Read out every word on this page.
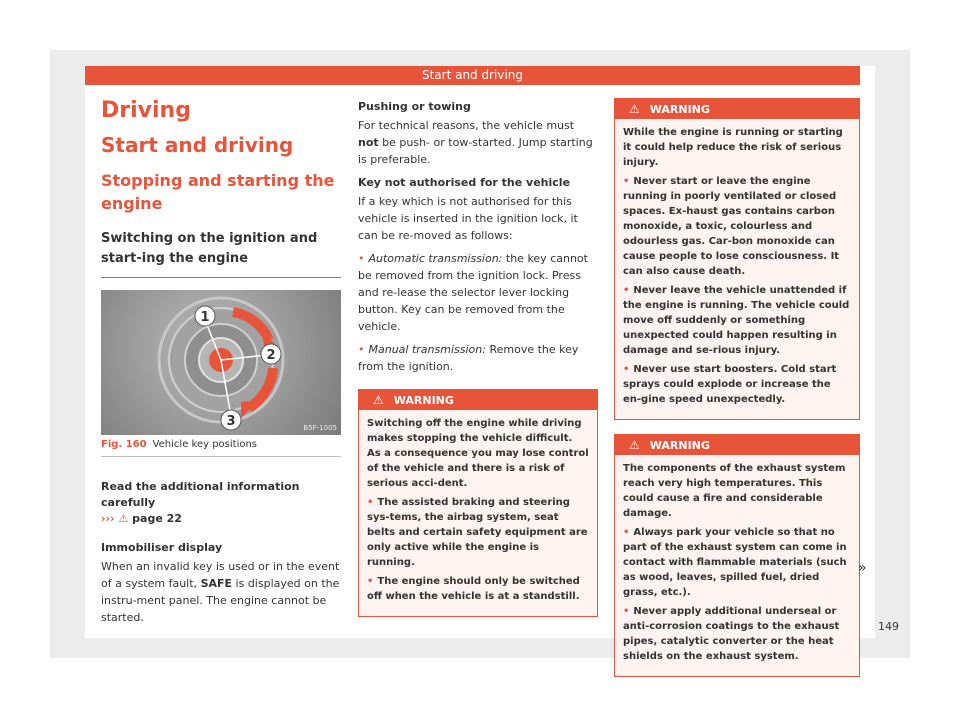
Start and driving
Driving
Start and driving
Stopping and starting the engine
Switching on the ignition and start-ing the engine
1
2
3	B5F-1005
Fig. 160 Vehicle key positions
Read the additional information carefully
››› ⚠ page 22

Immobiliser display

When an invalid key is used or in the event of a system fault, SAFE is displayed on the instru-ment panel. The engine cannot be started.

Pushing or towing

For technical reasons, the vehicle must not be push- or tow-started. Jump starting is preferable.

Key not authorised for the vehicle

If a key which is not authorised for this vehicle is inserted in the ignition lock, it can be re-moved as follows:

• Automatic transmission: the key cannot be removed from the ignition lock. Press and re-lease the selector lever locking button. Key can be removed from the vehicle.

• Manual transmission: Remove the key from the ignition.

⚠ WARNING

Switching off the engine while driving makes stopping the vehicle difficult. As a consequence you may lose control of the vehicle and there is a risk of serious acci-dent.

• The assisted braking and steering sys-tems, the airbag system, seat belts and certain safety equipment are only active while the engine is running.

• The engine should only be switched off when the vehicle is at a standstill.

⚠ WARNING

While the engine is running or starting it could help reduce the risk of serious injury.

• Never start or leave the engine running in poorly ventilated or closed spaces. Ex-haust gas contains carbon monoxide, a toxic, colourless and odourless gas. Car-bon monoxide can cause people to lose consciousness. It can also cause death.

• Never leave the vehicle unattended if the engine is running. The vehicle could move off suddenly or something unexpected could happen resulting in damage and se-rious injury.

• Never use start boosters. Cold start sprays could explode or increase the en-gine speed unexpectedly.

⚠ WARNING

The components of the exhaust system reach very high temperatures. This could cause a fire and considerable damage.

• Always park your vehicle so that no part of the exhaust system can come in contact with flammable materials (such as wood, leaves, spilled fuel, dried grass, etc.).

• Never apply additional underseal or anti-corrosion coatings to the exhaust pipes, catalytic converter or the heat shields on the exhaust system.

»
149
